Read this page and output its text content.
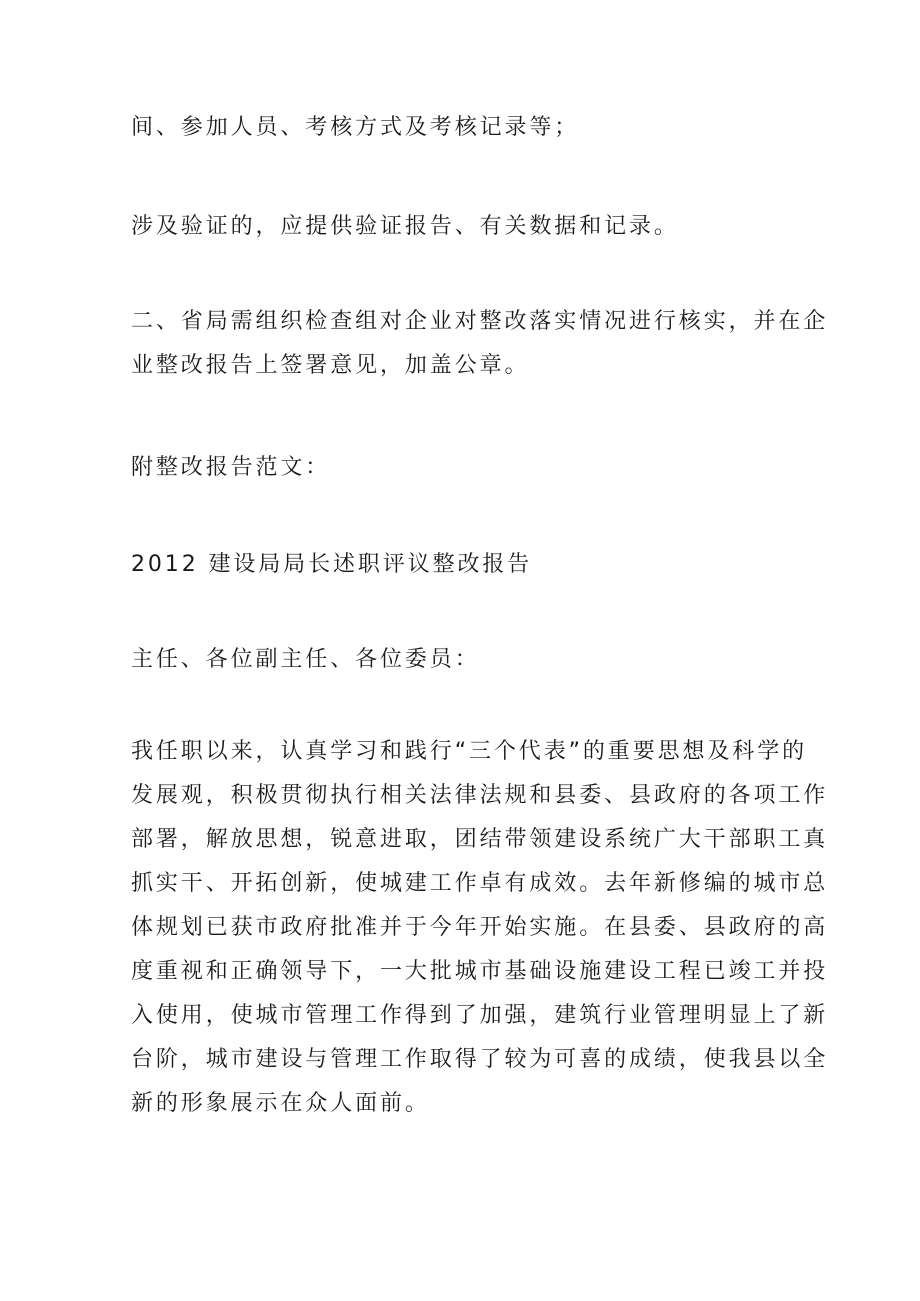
间、参加人员、考核方式及考核记录等；

涉及验证的，应提供验证报告、有关数据和记录。

二、省局需组织检查组对企业对整改落实情况进行核实，并在企
业整改报告上签署意见，加盖公章。

附整改报告范文：

2012 建设局局长述职评议整改报告

主任、各位副主任、各位委员：

我任职以来，认真学习和践行“三个代表”的重要思想及科学的
发展观，积极贯彻执行相关法律法规和县委、县政府的各项工作
部署，解放思想，锐意进取，团结带领建设系统广大干部职工真
抓实干、开拓创新，使城建工作卓有成效。去年新修编的城市总
体规划已获市政府批准并于今年开始实施。在县委、县政府的高
度重视和正确领导下，一大批城市基础设施建设工程已竣工并投
入使用，使城市管理工作得到了加强，建筑行业管理明显上了新
台阶，城市建设与管理工作取得了较为可喜的成绩，使我县以全
新的形象展示在众人面前。
